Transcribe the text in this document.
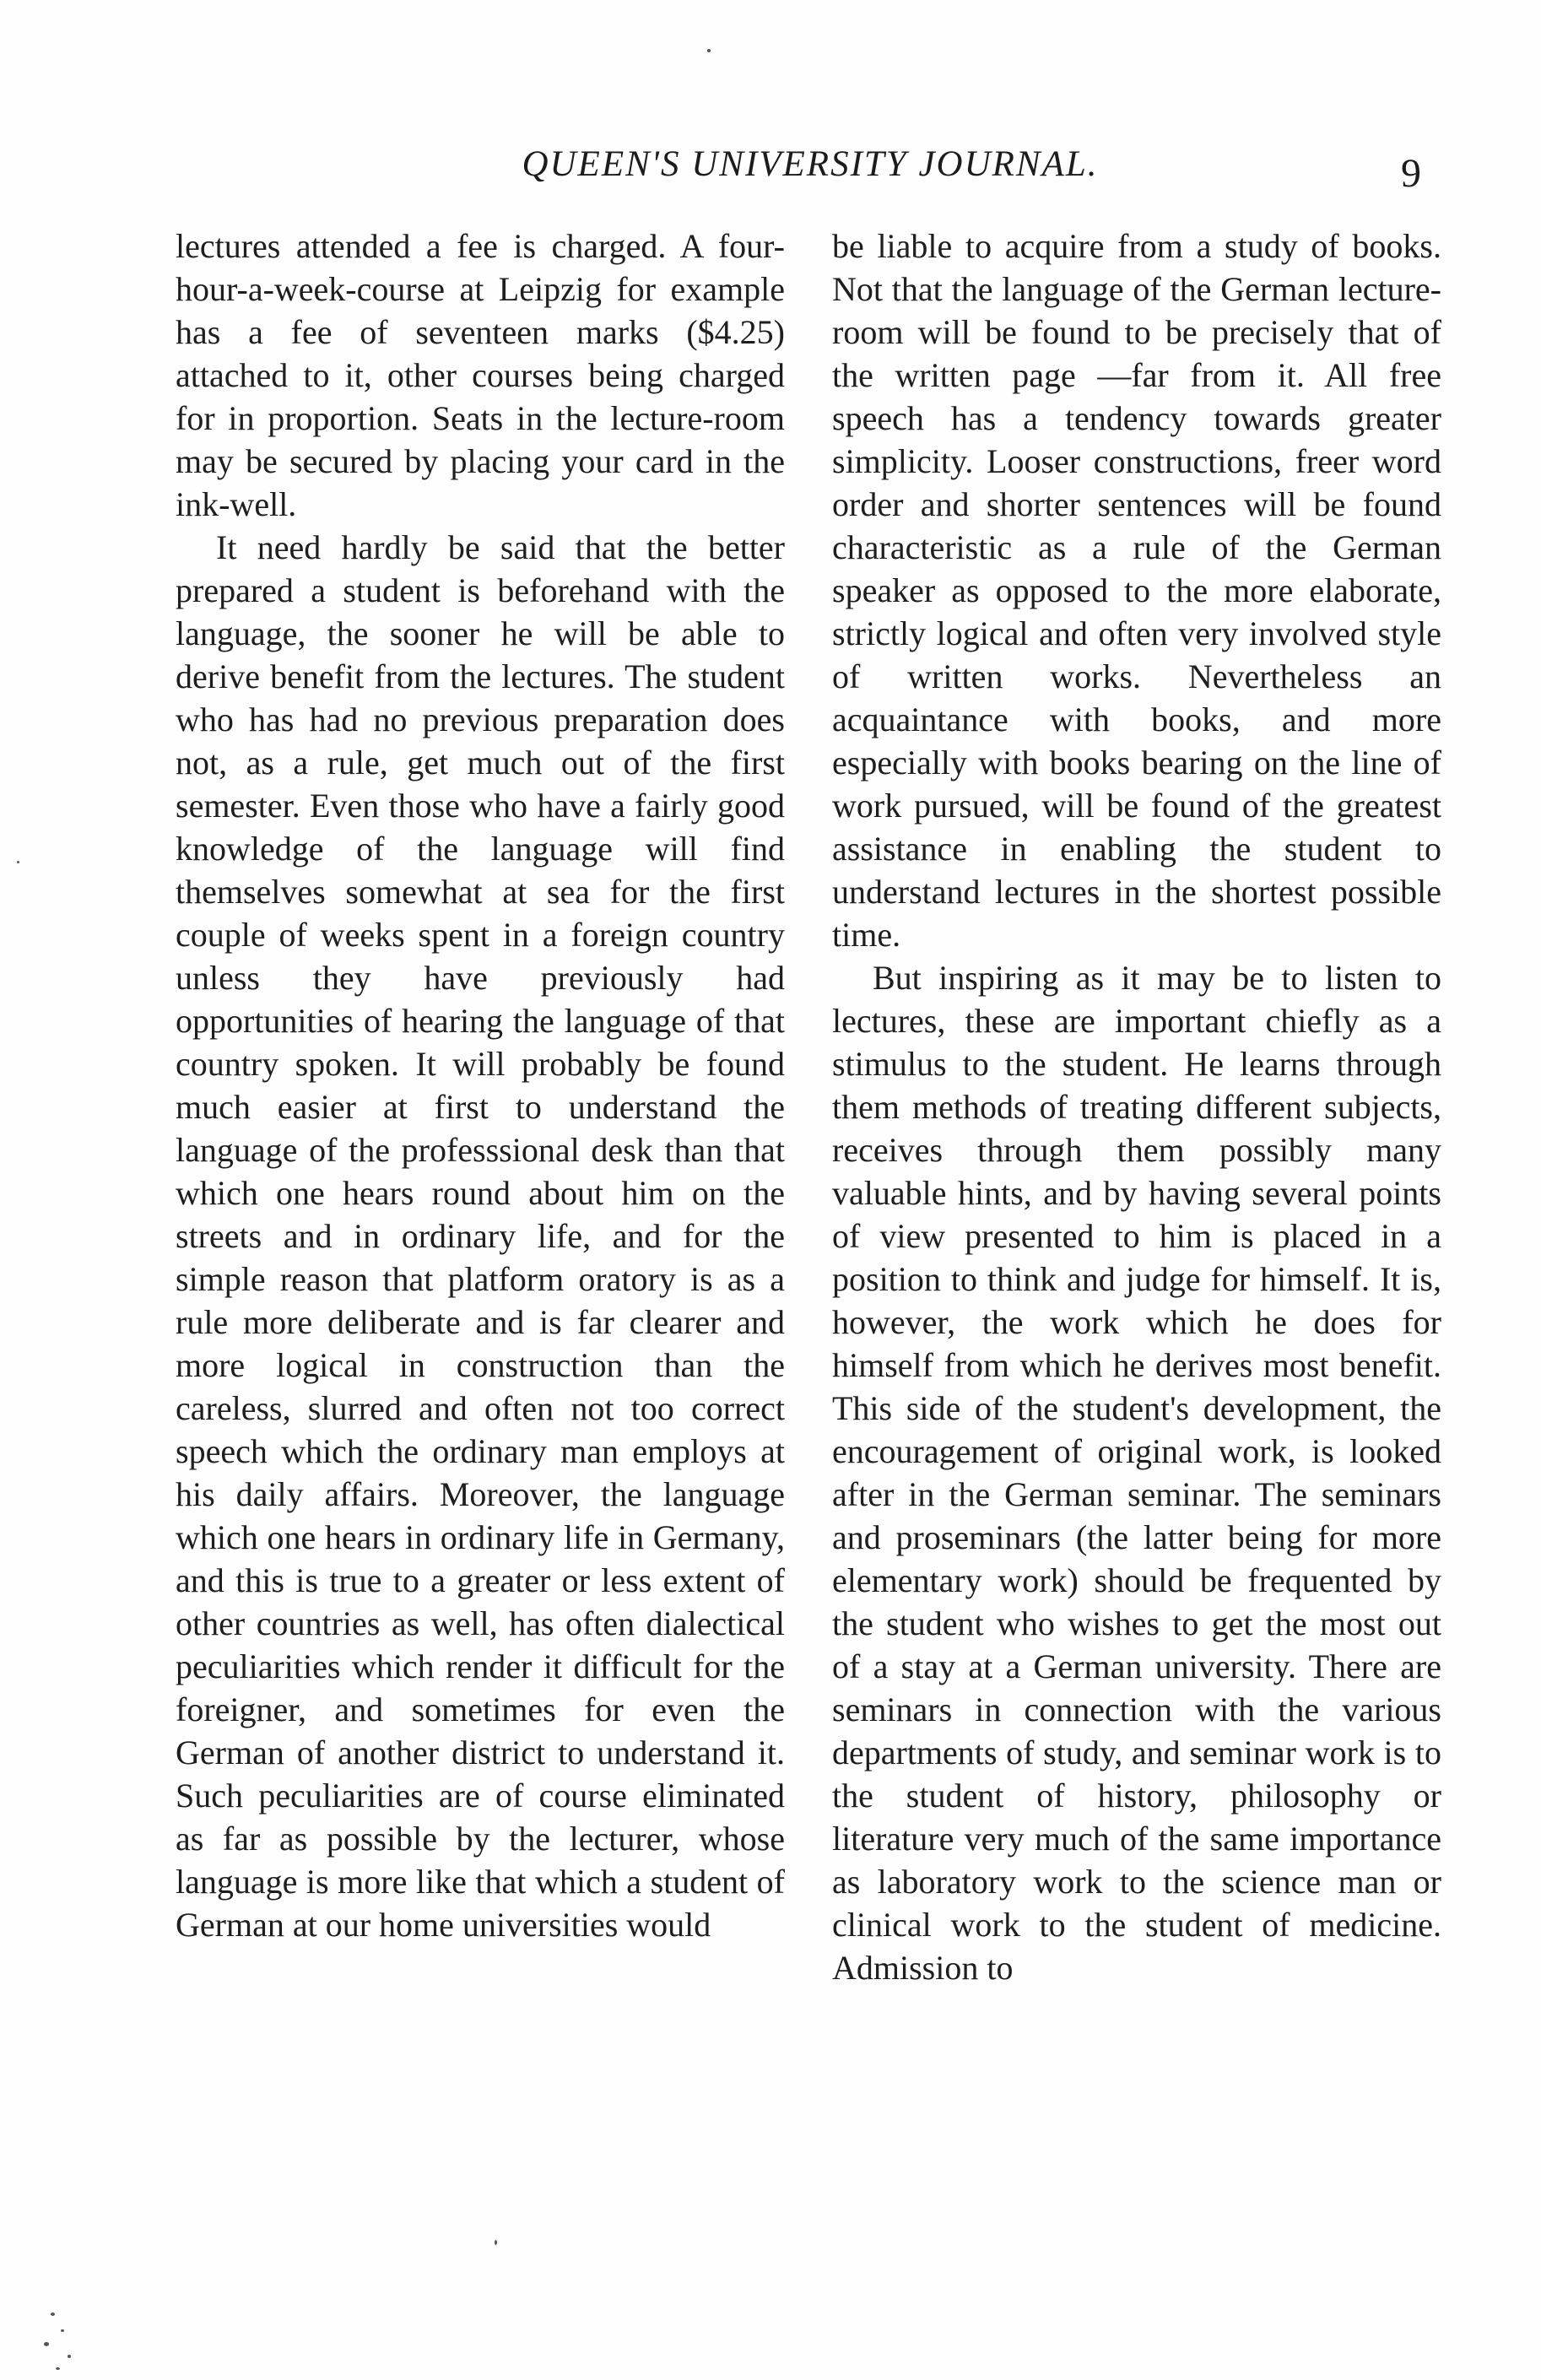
QUEEN'S UNIVERSITY JOURNAL.	9

lectures attended a fee is charged. A four-hour-a-week-course at Leipzig for example has a fee of seventeen marks ($4.25) attached to it, other courses being charged for in proportion. Seats in the lecture-room may be secured by placing your card in the ink-well.

It need hardly be said that the better prepared a student is beforehand with the language, the sooner he will be able to derive benefit from the lectures. The student who has had no previous preparation does not, as a rule, get much out of the first semester. Even those who have a fairly good knowledge of the language will find themselves somewhat at sea for the first couple of weeks spent in a foreign country unless they have previously had opportunities of hearing the language of that country spoken. It will probably be found much easier at first to understand the language of the professsional desk than that which one hears round about him on the streets and in ordinary life, and for the simple reason that platform oratory is as a rule more deliberate and is far clearer and more logical in construction than the careless, slurred and often not too correct speech which the ordinary man employs at his daily affairs. Moreover, the language which one hears in ordinary life in Germany, and this is true to a greater or less extent of other countries as well, has often dialectical peculiarities which render it difficult for the foreigner, and sometimes for even the German of another district to understand it. Such peculiarities are of course eliminated as far as possible by the lecturer, whose language is more like that which a student of German at our home universities would

be liable to acquire from a study of books. Not that the language of the German lecture-room will be found to be precisely that of the written page —far from it. All free speech has a tendency towards greater simplicity. Looser constructions, freer word order and shorter sentences will be found characteristic as a rule of the German speaker as opposed to the more elaborate, strictly logical and often very involved style of written works. Nevertheless an acquaintance with books, and more especially with books bearing on the line of work pursued, will be found of the greatest assistance in enabling the student to understand lectures in the shortest possible time.

But inspiring as it may be to listen to lectures, these are important chiefly as a stimulus to the student. He learns through them methods of treating different subjects, receives through them possibly many valuable hints, and by having several points of view presented to him is placed in a position to think and judge for himself. It is, however, the work which he does for himself from which he derives most benefit. This side of the student's development, the encouragement of original work, is looked after in the German seminar. The seminars and proseminars (the latter being for more elementary work) should be frequented by the student who wishes to get the most out of a stay at a German university. There are seminars in connection with the various departments of study, and seminar work is to the student of history, philosophy or literature very much of the same importance as laboratory work to the science man or clinical work to the student of medicine. Admission to
